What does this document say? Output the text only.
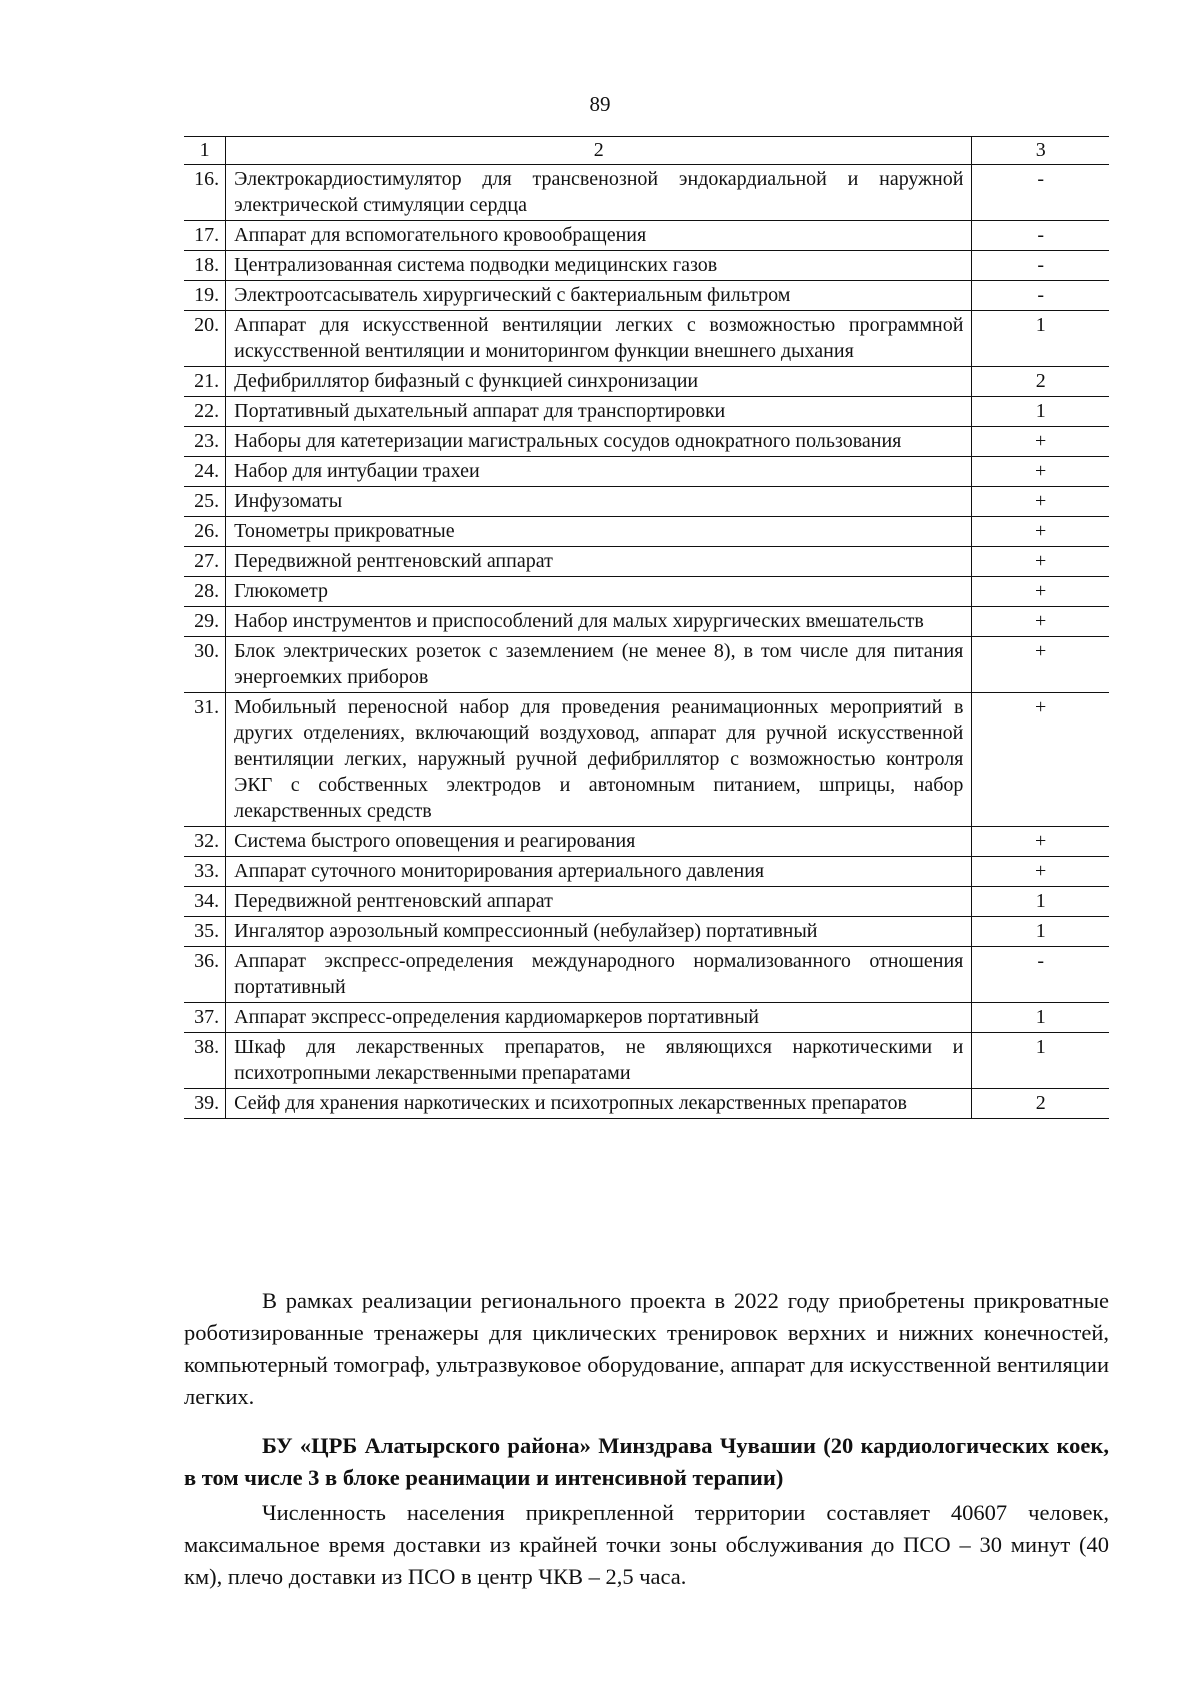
89
1	2	3
16.	Электрокардиостимулятор для трансвенозной эндокардиальной и наружной электрической стимуляции сердца	-
17.	Аппарат для вспомогательного кровообращения	-
18.	Централизованная система подводки медицинских газов	-
19.	Электроотсасыватель хирургический с бактериальным фильтром	-
20.	Аппарат для искусственной вентиляции легких с возможностью программной искусственной вентиляции и мониторингом функции внешнего дыхания	1
21.	Дефибриллятор бифазный с функцией синхронизации	2
22.	Портативный дыхательный аппарат для транспортировки	1
23.	Наборы для катетеризации магистральных сосудов однократного пользования	+
24.	Набор для интубации трахеи	+
25.	Инфузоматы	+
26.	Тонометры прикроватные	+
27.	Передвижной рентгеновский аппарат	+
28.	Глюкометр	+
29.	Набор инструментов и приспособлений для малых хирургических вмешательств	+
30.	Блок электрических розеток с заземлением (не менее 8), в том числе для питания энергоемких приборов	+
31.	Мобильный переносной набор для проведения реанимационных мероприятий в других отделениях, включающий воздуховод, аппарат для ручной искусственной вентиляции легких, наружный ручной дефибриллятор с возможностью контроля ЭКГ с собственных электродов и автономным питанием, шприцы, набор лекарственных средств	+
32.	Система быстрого оповещения и реагирования	+
33.	Аппарат суточного мониторирования артериального давления	+
34.	Передвижной рентгеновский аппарат	1
35.	Ингалятор аэрозольный компрессионный (небулайзер) портативный	1
36.	Аппарат экспресс-определения международного нормализованного отношения портативный	-
37.	Аппарат экспресс-определения кардиомаркеров портативный	1
38.	Шкаф для лекарственных препаратов, не являющихся наркотическими и психотропными лекарственными препаратами	1
39.	Сейф для хранения наркотических и психотропных лекарственных препаратов	2
В рамках реализации регионального проекта в 2022 году приобретены прикроватные роботизированные тренажеры для циклических тренировок верхних и нижних конечностей, компьютерный томограф, ультразвуковое оборудование, аппарат для искусственной вентиляции легких.
БУ «ЦРБ Алатырского района» Минздрава Чувашии (20 кардиологических коек, в том числе 3 в блоке реанимации и интенсивной терапии)
Численность населения прикрепленной территории составляет 40607 человек, максимальное время доставки из крайней точки зоны обслуживания до ПСО – 30 минут (40 км), плечо доставки из ПСО в центр ЧКВ – 2,5 часа.
